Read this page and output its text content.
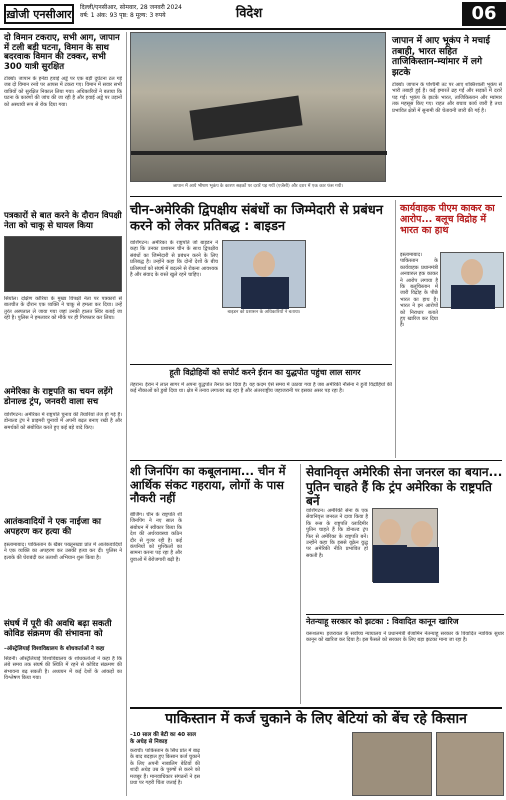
ख़ोजी एनसीआर
दिल्ली/एनसीआर, सोमवार, 28 जनवरी 2024
वर्ष: 1 अंक: 93 पृष्ठ: 8 मूल्य: 3 रुपये	विदेश	06
दो विमान टकराए, सभी आग, जापान में टली बड़ी घटना, विमान के साथ बदरवाक विमान की टक्कर, सभी 300 यात्री सुरक्षित
टोक्यो। जापान के हनेडा हवाई अड्डे पर एक बड़ी दुर्घटना टल गई जब दो विमान रनवे पर आपस में टकरा गए। विमान में सवार सभी यात्रियों को सुरक्षित निकाल लिया गया। अधिकारियों ने बताया कि घटना के कारणों की जांच की जा रही है और हवाई अड्डे पर उड़ानों को अस्थायी रूप से रोक दिया गया।
पत्रकारों से बात करने के दौरान विपक्षी नेता को चाकू से घायल किया
सियोल। दक्षिण कोरिया के मुख्य विपक्षी नेता पर पत्रकारों से बातचीत के दौरान एक व्यक्ति ने चाकू से हमला कर दिया। उन्हें तुरंत अस्पताल ले जाया गया जहां उनकी हालत स्थिर बताई जा रही है। पुलिस ने हमलावर को मौके पर ही गिरफ्तार कर लिया।
अमेरिका के राष्ट्रपति का चयन लड़ेंगे डोनाल्ड ट्रंप, जनवरी वाला सच
वाशिंगटन। अमेरिका में राष्ट्रपति चुनाव की तैयारियां तेज हो गई हैं। डोनाल्ड ट्रंप ने प्राइमरी चुनावों में अपनी बढ़त बनाए रखी है और समर्थकों को संबोधित करते हुए कई बड़े वादे किए।
आतंकवादियों ने एक नाईजा का अपहरण कर हत्या की
इस्लामाबाद। पाकिस्तान के खैबर पख्तूनख्वा प्रांत में आतंकवादियों ने एक व्यक्ति का अपहरण कर उसकी हत्या कर दी। पुलिस ने इलाके की घेराबंदी कर तलाशी अभियान शुरू किया है।
संघर्ष में पूरी की अवधि बढ़ा सकती कोविड संक्रमण की संभावना को
–ऑस्ट्रेलियाई विश्वविद्यालय के शोधकर्ताओं ने कहा
सिडनी। ऑस्ट्रेलियाई विश्वविद्यालय के शोधकर्ताओं ने कहा है कि लंबे समय तक संघर्ष की स्थिति में रहने से कोविड संक्रमण की संभावना बढ़ सकती है। अध्ययन में कई देशों के आंकड़ों का विश्लेषण किया गया।
जापान में आये भीषण भूकंप के कारण सड़कों पर दरारें पड़ गयीं (एजेंसी) और दरार में एक कार फंस गयी।
जापान में आए भूकंप ने मचाई तबाही, भारत सहित ताजिकिस्तान-म्यांमार में लगे झटके
टोक्यो। जापान के पश्चिमी तट पर आए शक्तिशाली भूकंप से भारी तबाही हुई है। कई इमारतें ढह गईं और सड़कों में दरारें पड़ गईं। भूकंप के झटके भारत, ताजिकिस्तान और म्यांमार तक महसूस किए गए। राहत और बचाव कार्य जारी है तथा प्रभावित क्षेत्रों में सुनामी की चेतावनी जारी की गई है।
चीन-अमेरिकी द्विपक्षीय संबंधों का जिम्मेदारी से प्रबंधन करने को लेकर प्रतिबद्ध : बाइडन
वाशिंगटन। अमेरिका के राष्ट्रपति जो बाइडन ने कहा कि उनका प्रशासन चीन के साथ द्विपक्षीय संबंधों का जिम्मेदारी से प्रबंधन करने के लिए प्रतिबद्ध है। उन्होंने कहा कि दोनों देशों के बीच प्रतिस्पर्धा को संघर्ष में बदलने से रोकना आवश्यक है और संवाद के रास्ते खुले रहने चाहिए।
बाइडन को प्रशासन के अधिकारियों ने बताया।
कार्यवाहक पीएम काकर का आरोप... बलूच विद्रोह में भारत का हाथ
इस्लामाबाद। पाकिस्तान के कार्यवाहक प्रधानमंत्री अनवारुल हक काकर ने आरोप लगाया है कि बलूचिस्तान में जारी विद्रोह के पीछे भारत का हाथ है। भारत ने इन आरोपों को निराधार बताते हुए खारिज कर दिया है।
हूती विद्रोहियों को सपोर्ट करने ईरान का युद्धपोत पहुंचा लाल सागर
तेहरान। ईरान ने लाल सागर में अपना युद्धपोत तैनात कर दिया है। यह कदम ऐसे समय में उठाया गया है जब अमेरिकी नौसेना ने हूती विद्रोहियों की कई नौकाओं को डुबो दिया था। क्षेत्र में तनाव लगातार बढ़ रहा है और अंतरराष्ट्रीय जहाजरानी पर इसका असर पड़ रहा है।
शी जिनपिंग का कबूलनामा... चीन में आर्थिक संकट गहराया, लोगों के पास नौकरी नहीं
बीजिंग। चीन के राष्ट्रपति शी जिनपिंग ने नए साल के संबोधन में स्वीकार किया कि देश की अर्थव्यवस्था कठिन दौर से गुजर रही है। कई कंपनियों को मुश्किलों का सामना करना पड़ रहा है और युवाओं में बेरोजगारी बढ़ी है।
सेवानिवृत्त अमेरिकी सेना जनरल का बयान... पुतिन चाहते हैं कि ट्रंप अमेरिका के राष्ट्रपति बनें
वाशिंगटन। अमेरिकी सेना के एक सेवानिवृत्त जनरल ने दावा किया है कि रूस के राष्ट्रपति व्लादिमीर पुतिन चाहते हैं कि डोनाल्ड ट्रंप फिर से अमेरिका के राष्ट्रपति बनें। उन्होंने कहा कि इससे यूक्रेन युद्ध पर अमेरिकी नीति प्रभावित हो सकती है।
नेतन्याहू सरकार को झटका : विवादित कानून खारिज
यरूशलम। इजरायल के सर्वोच्च न्यायालय ने प्रधानमंत्री बेंजामिन नेतन्याहू सरकार के विवादित न्यायिक सुधार कानून को खारिज कर दिया है। इस फैसले को सरकार के लिए बड़ा झटका माना जा रहा है।
पाकिस्तान में कर्ज चुकाने के लिए बेटियां को बेंच रहे किसान
–10 साल की बेटी का 40 साल के अधेड़ से निकाह
कराची। पाकिस्तान के सिंध प्रांत में बाढ़ के बाद बदहाल हुए किसान कर्ज चुकाने के लिए अपनी नाबालिग बेटियों की शादी अधेड़ उम्र के पुरुषों से करने को मजबूर हैं। मानवाधिकार संगठनों ने इस प्रथा पर गहरी चिंता जताई है।
